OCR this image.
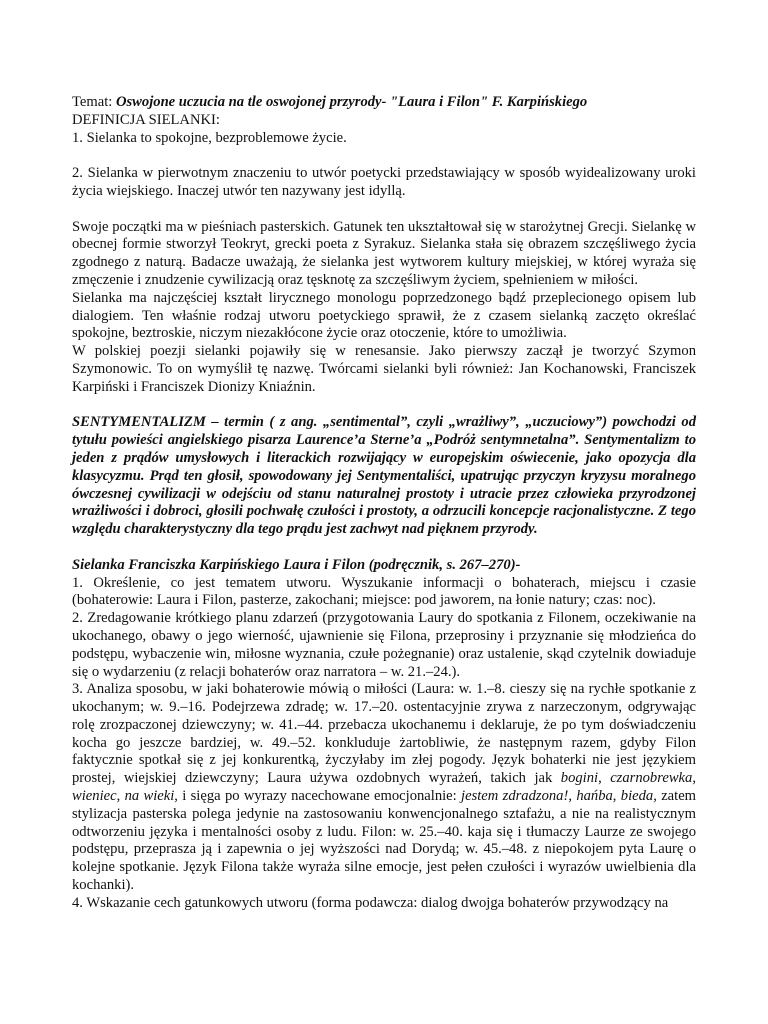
Temat: Oswojone uczucia na tle oswojonej przyrody- "Laura i Filon" F. Karpińskiego

DEFINICJA SIELANKI:

1. Sielanka to spokojne, bezproblemowe życie.

2. Sielanka w pierwotnym znaczeniu to utwór poetycki przedstawiający w sposób wyidealizowany uroki życia wiejskiego. Inaczej utwór ten nazywany jest idyllą.

Swoje początki ma w pieśniach pasterskich. Gatunek ten ukształtował się w starożytnej Grecji. Sielankę w obecnej formie stworzył Teokryt, grecki poeta z Syrakuz. Sielanka stała się obrazem szczęśliwego życia zgodnego z naturą. Badacze uważają, że sielanka jest wytworem kultury miejskiej, w której wyraża się zmęczenie i znudzenie cywilizacją oraz tęsknotę za szczęśliwym życiem, spełnieniem w miłości.

Sielanka ma najczęściej kształt lirycznego monologu poprzedzonego bądź przeplecionego opisem lub dialogiem. Ten właśnie rodzaj utworu poetyckiego sprawił, że z czasem sielanką zaczęto określać spokojne, beztroskie, niczym niezakłócone życie oraz otoczenie, które to umożliwia.

W polskiej poezji sielanki pojawiły się w renesansie. Jako pierwszy zaczął je tworzyć Szymon Szymonowic. To on wymyślił tę nazwę. Twórcami sielanki byli również: Jan Kochanowski, Franciszek Karpiński i Franciszek Dionizy Kniaźnin.

SENTYMENTALIZM – termin ( z ang. „sentimental”, czyli „wrażliwy”, „uczuciowy”) powchodzi od tytułu powieści angielskiego pisarza Laurence’a Sterne’a „Podróż sentymnetalna”. Sentymentalizm to jeden z prądów umysłowych i literackich rozwijający w europejskim oświecenie, jako opozycja dla klasycyzmu. Prąd ten głosił, spowodowany jej Sentymentaliści, upatrując przyczyn kryzysu moralnego ówczesnej cywilizacji w odejściu od stanu naturalnej prostoty i utracie przez człowieka przyrodzonej wrażliwości i dobroci, głosili pochwałę czułości i prostoty, a odrzucili koncepcje racjonalistyczne. Z tego względu charakterystyczny dla tego prądu jest zachwyt nad pięknem przyrody.

Sielanka Franciszka Karpińskiego Laura i Filon (podręcznik, s. 267–270)-

1. Określenie, co jest tematem utworu. Wyszukanie informacji o bohaterach, miejscu i czasie (bohaterowie: Laura i Filon, pasterze, zakochani; miejsce: pod jaworem, na łonie natury; czas: noc).

2. Zredagowanie krótkiego planu zdarzeń (przygotowania Laury do spotkania z Filonem, oczekiwanie na ukochanego, obawy o jego wierność, ujawnienie się Filona, przeprosiny i przyznanie się młodzieńca do podstępu, wybaczenie win, miłosne wyznania, czułe pożegnanie) oraz ustalenie, skąd czytelnik dowiaduje się o wydarzeniu (z relacji bohaterów oraz narratora – w. 21.–24.).

3. Analiza sposobu, w jaki bohaterowie mówią o miłości (Laura: w. 1.–8. cieszy się na rychłe spotkanie z ukochanym; w. 9.–16. Podejrzewa zdradę; w. 17.–20. ostentacyjnie zrywa z narzeczonym, odgrywając rolę zrozpaczonej dziewczyny; w. 41.–44. przebacza ukochanemu i deklaruje, że po tym doświadczeniu kocha go jeszcze bardziej, w. 49.–52. konkluduje żartobliwie, że następnym razem, gdyby Filon faktycznie spotkał się z jej konkurentką, życzyłaby im złej pogody. Język bohaterki nie jest językiem prostej, wiejskiej dziewczyny; Laura używa ozdobnych wyrażeń, takich jak bogini, czarnobrewka, wieniec, na wieki, i sięga po wyrazy nacechowane emocjonalnie: jestem zdradzona!, hańba, bieda, zatem stylizacja pasterska polega jedynie na zastosowaniu konwencjonalnego sztafażu, a nie na realistycznym odtworzeniu języka i mentalności osoby z ludu. Filon: w. 25.–40. kaja się i tłumaczy Laurze ze swojego podstępu, przeprasza ją i zapewnia o jej wyższości nad Dorydą; w. 45.–48. z niepokojem pyta Laurę o kolejne spotkanie. Język Filona także wyraża silne emocje, jest pełen czułości i wyrazów uwielbienia dla kochanki).

4. Wskazanie cech gatunkowych utworu (forma podawcza: dialog dwojga bohaterów przywodzący na
